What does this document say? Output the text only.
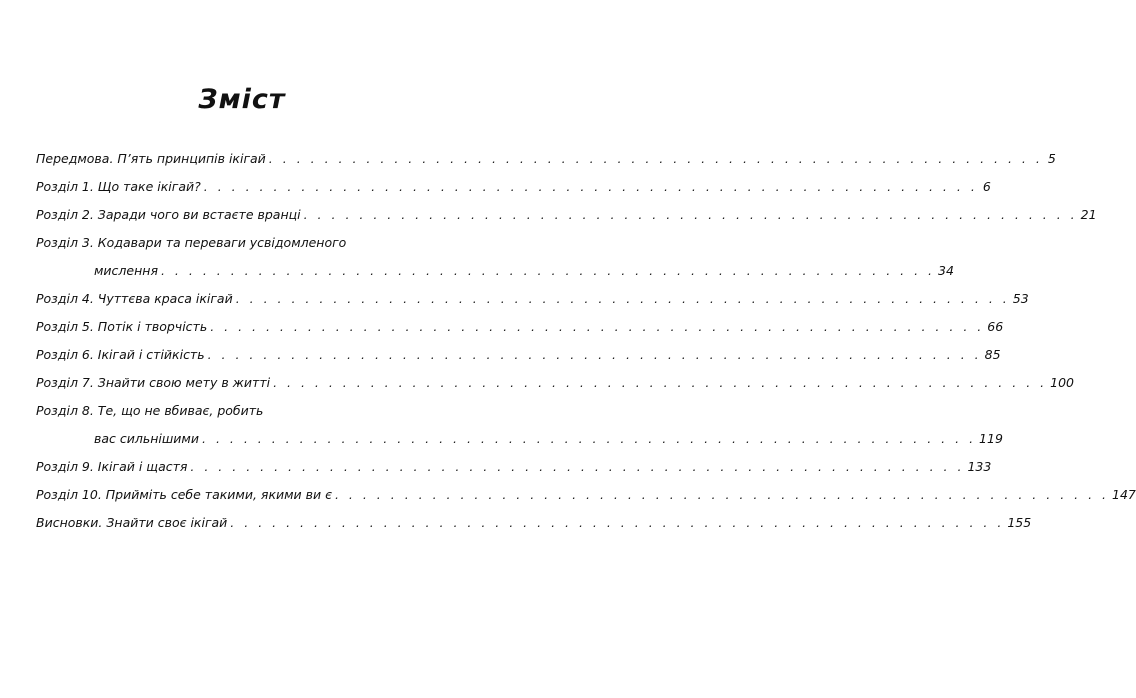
Зміст
Передмова. П’ять принципів ікігай . . . . . . . . . . . . . . . . . . . . . . . . . . . . . . . . . . . . . . . . . . . . . . . . . . . . . . . . 5
Розділ 1. Що таке ікігай? . . . . . . . . . . . . . . . . . . . . . . . . . . . . . . . . . . . . . . . . . . . . . . . . . . . . . . . . 6
Розділ 2. Заради чого ви встаєте вранці . . . . . . . . . . . . . . . . . . . . . . . . . . . . . . . . . . . . . . . . . . . . . . . . . . . . . . . . 21
Розділ 3. Кодавари та переваги усвідомленого
мислення . . . . . . . . . . . . . . . . . . . . . . . . . . . . . . . . . . . . . . . . . . . . . . . . . . . . . . . . 34
Розділ 4. Чуттєва краса ікігай . . . . . . . . . . . . . . . . . . . . . . . . . . . . . . . . . . . . . . . . . . . . . . . . . . . . . . . . 53
Розділ 5. Потік і творчість . . . . . . . . . . . . . . . . . . . . . . . . . . . . . . . . . . . . . . . . . . . . . . . . . . . . . . . . 66
Розділ 6. Ікігай і стійкість . . . . . . . . . . . . . . . . . . . . . . . . . . . . . . . . . . . . . . . . . . . . . . . . . . . . . . . . 85
Розділ 7. Знайти свою мету в житті . . . . . . . . . . . . . . . . . . . . . . . . . . . . . . . . . . . . . . . . . . . . . . . . . . . . . . . . 100
Розділ 8. Те, що не вбиває, робить
вас сильнішими . . . . . . . . . . . . . . . . . . . . . . . . . . . . . . . . . . . . . . . . . . . . . . . . . . . . . . . . 119
Розділ 9. Ікігай і щастя . . . . . . . . . . . . . . . . . . . . . . . . . . . . . . . . . . . . . . . . . . . . . . . . . . . . . . . . 133
Розділ 10. Прийміть себе такими, якими ви є . . . . . . . . . . . . . . . . . . . . . . . . . . . . . . . . . . . . . . . . . . . . . . . . . . . . . . . . 147
Висновки. Знайти своє ікігай . . . . . . . . . . . . . . . . . . . . . . . . . . . . . . . . . . . . . . . . . . . . . . . . . . . . . . . . 155
